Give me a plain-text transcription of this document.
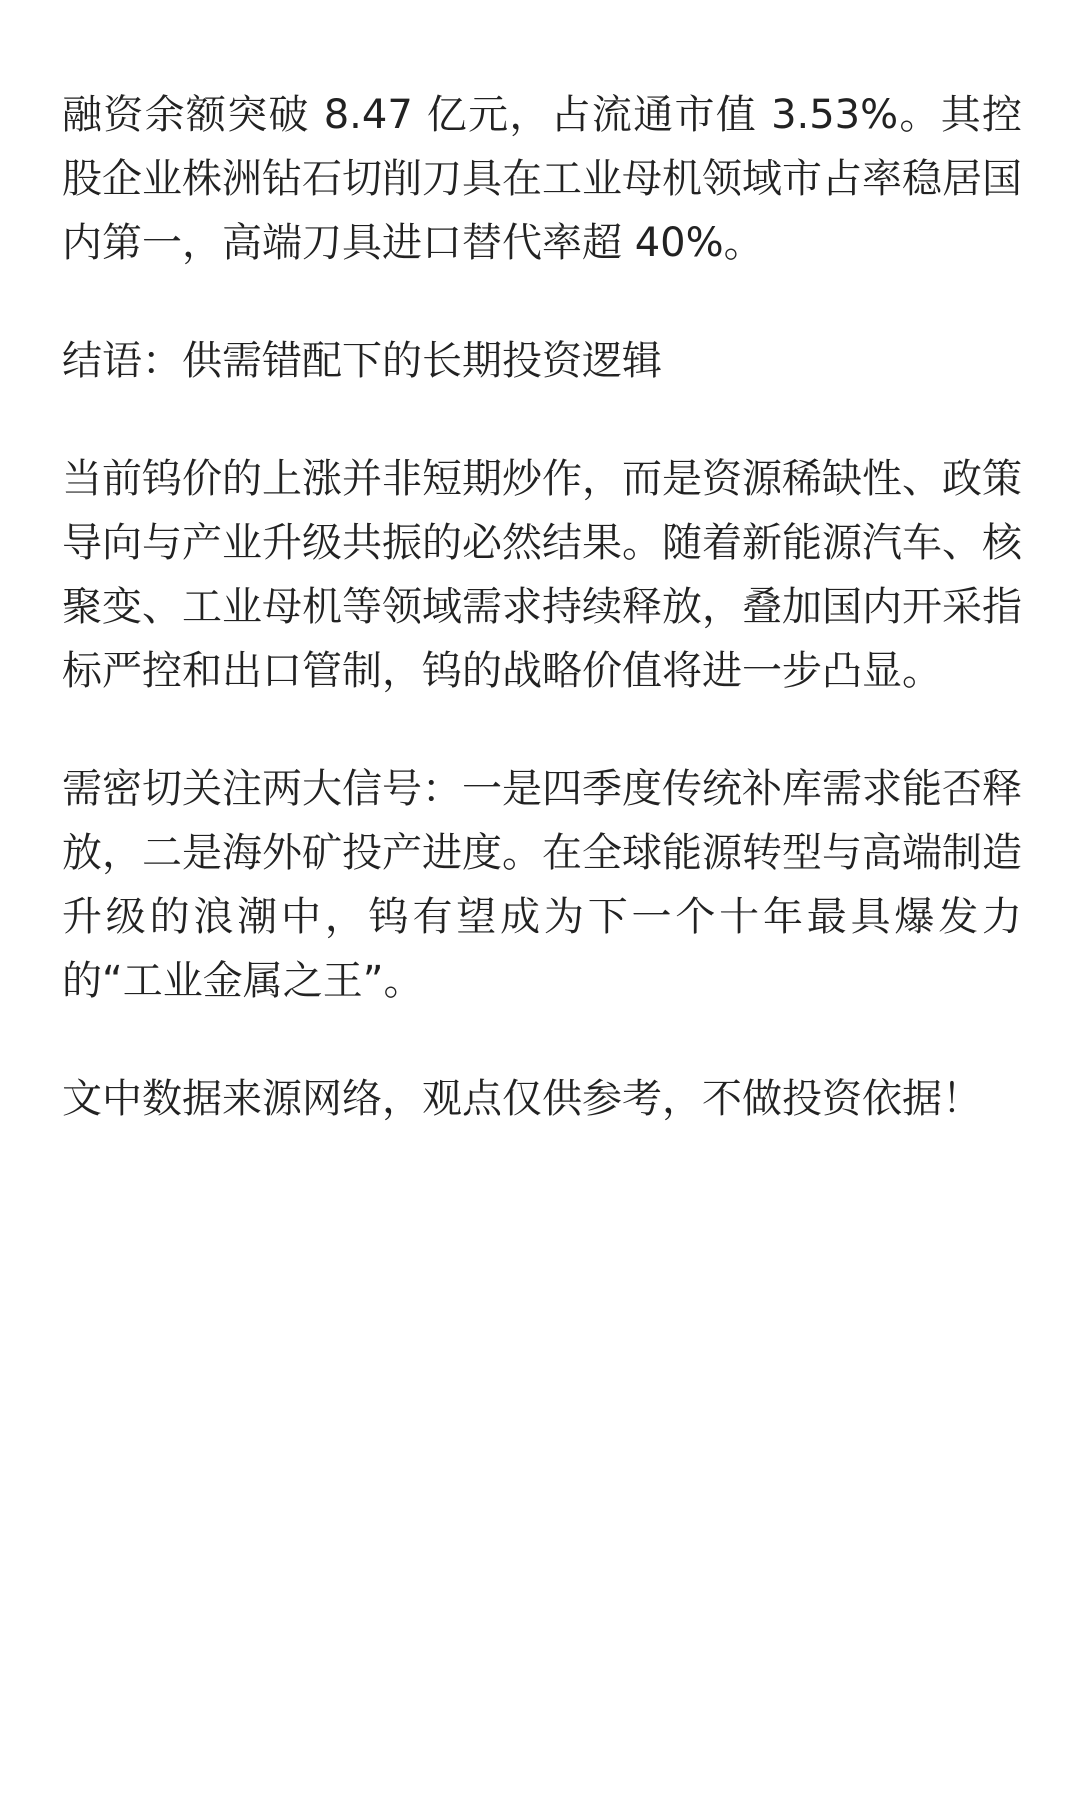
融资余额突破 8.47 亿元，占流通市值 3.53%。其控股企业株洲钻石切削刀具在工业母机领域市占率稳居国内第一，高端刀具进口替代率超 40%。

结语：供需错配下的长期投资逻辑

当前钨价的上涨并非短期炒作，而是资源稀缺性、政策导向与产业升级共振的必然结果。随着新能源汽车、核聚变、工业母机等领域需求持续释放，叠加国内开采指标严控和出口管制，钨的战略价值将进一步凸显。

需密切关注两大信号：一是四季度传统补库需求能否释放，二是海外矿投产进度。在全球能源转型与高端制造升级的浪潮中，钨有望成为下一个十年最具爆发力的“工业金属之王”。

文中数据来源网络，观点仅供参考，不做投资依据！
